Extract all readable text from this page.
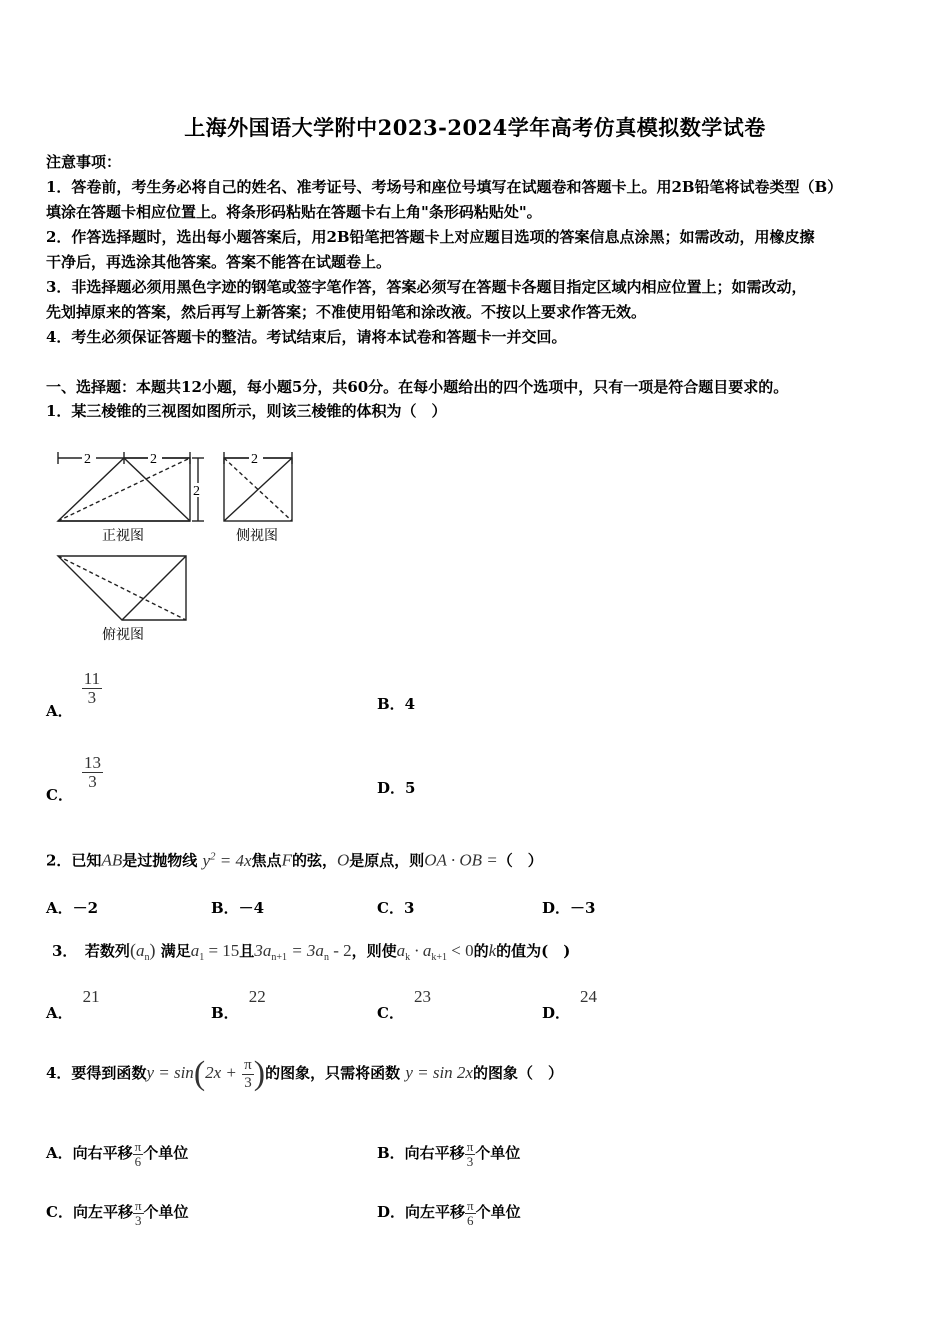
上海外国语大学附中2023-2024学年高考仿真模拟数学试卷
注意事项：
1．答卷前，考生务必将自己的姓名、准考证号、考场号和座位号填写在试题卷和答题卡上。用2B铅笔将试卷类型（B）
填涂在答题卡相应位置上。将条形码粘贴在答题卡右上角"条形码粘贴处"。
2．作答选择题时，选出每小题答案后，用2B铅笔把答题卡上对应题目选项的答案信息点涂黑；如需改动，用橡皮擦
干净后，再选涂其他答案。答案不能答在试题卷上。
3．非选择题必须用黑色字迹的钢笔或签字笔作答，答案必须写在答题卡各题目指定区域内相应位置上；如需改动，
先划掉原来的答案，然后再写上新答案；不准使用铅笔和涂改液。不按以上要求作答无效。
4．考生必须保证答题卡的整洁。考试结束后，请将本试卷和答题卡一并交回。
一、选择题：本题共12小题，每小题5分，共60分。在每小题给出的四个选项中，只有一项是符合题目要求的。
1．某三棱锥的三视图如图所示，则该三棱锥的体积为（　）
2	2	2
2
正视图	侧视图
俯视图
A．
$\frac{11}{3}$	B．4
C．
$\frac{13}{3}$	D．5
2．已知AB是过抛物线 $y^2 = 4x$焦点F的弦，O是原点，则OA · OB =（　）
A．－2	B．－4	C．3	D．－3
3．　若数列$(a_n)$ 满足$a_1 = 15$且$3a_{n+1} = 3a_n - 2$，则使$a_k \cdot a_{k+1} < 0$的k的值为(　)
A．21
B．22
C．23
D．24
4．要得到函数$y = \sin(2x + \frac{\pi}{3}$ )的图象，只需将函数 y = sin 2x的图象（　）
A．向右平移 $\frac{\pi}{6}$ 个单位	B．向右平移 $\frac{\pi}{3}$ 个单位
C．向左平移 $\frac{\pi}{3}$ 个单位	D．向左平移 $\frac{\pi}{6}$ 个单位
